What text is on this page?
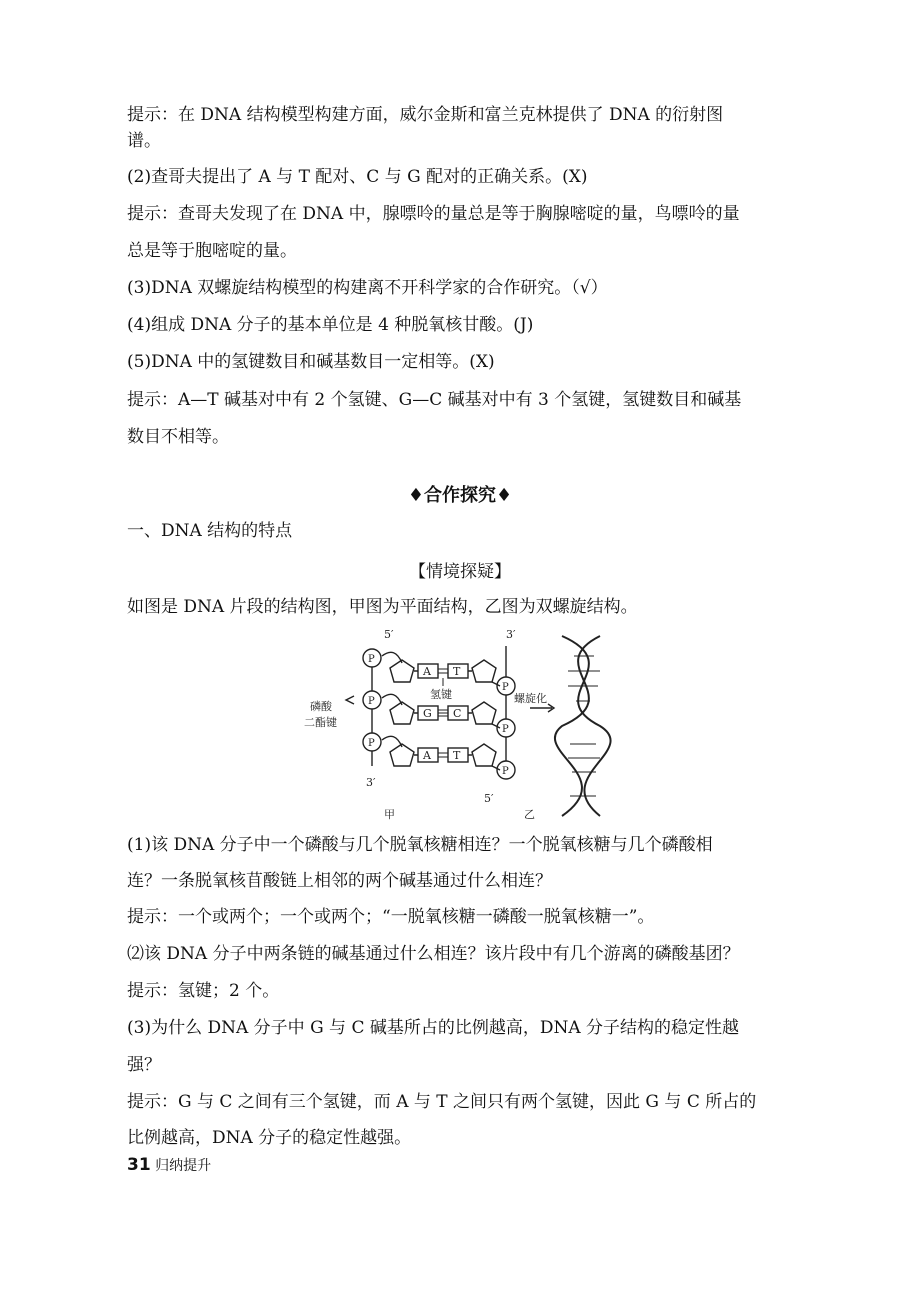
提示：在 DNA 结构模型构建方面，威尔金斯和富兰克林提供了 DNA 的衍射图
谱。
(2)查哥夫提出了 A 与 T 配对、C 与 G 配对的正确关系。(X)
提示：查哥夫发现了在 DNA 中，腺嘌呤的量总是等于胸腺嘧啶的量，鸟嘌呤的量
总是等于胞嘧啶的量。
(3)DNA 双螺旋结构模型的构建离不开科学家的合作研究。（√）
(4)组成 DNA 分子的基本单位是 4 种脱氧核甘酸。(J)
(5)DNA 中的氢键数目和碱基数目一定相等。(X)
提示：A—T 碱基对中有 2 个氢键、G—C 碱基对中有 3 个氢键，氢键数目和碱基
数目不相等。
♦合作探究♦
一、DNA 结构的特点
【情境探疑】
如图是 DNA 片段的结构图，甲图为平面结构，乙图为双螺旋结构。
5′	3′
3′
5′
P
P
P
P
P
P
A T
G C
A T
氢键
磷酸
二酯键
螺旋化
甲	乙
(1)该 DNA 分子中一个磷酸与几个脱氧核糖相连？一个脱氧核糖与几个磷酸相
连？一条脱氧核苜酸链上相邻的两个碱基通过什么相连？
提示：一个或两个；一个或两个；“一脱氧核糖一磷酸一脱氧核糖一”。
⑵该 DNA 分子中两条链的碱基通过什么相连？该片段中有几个游离的磷酸基团？
提示：氢键；2 个。
(3)为什么 DNA 分子中 G 与 C 碱基所占的比例越高，DNA 分子结构的稳定性越
强？
提示：G 与 C 之间有三个氢键，而 A 与 T 之间只有两个氢键，因此 G 与 C 所占的
比例越高，DNA 分子的稳定性越强。
31 归纳提升
